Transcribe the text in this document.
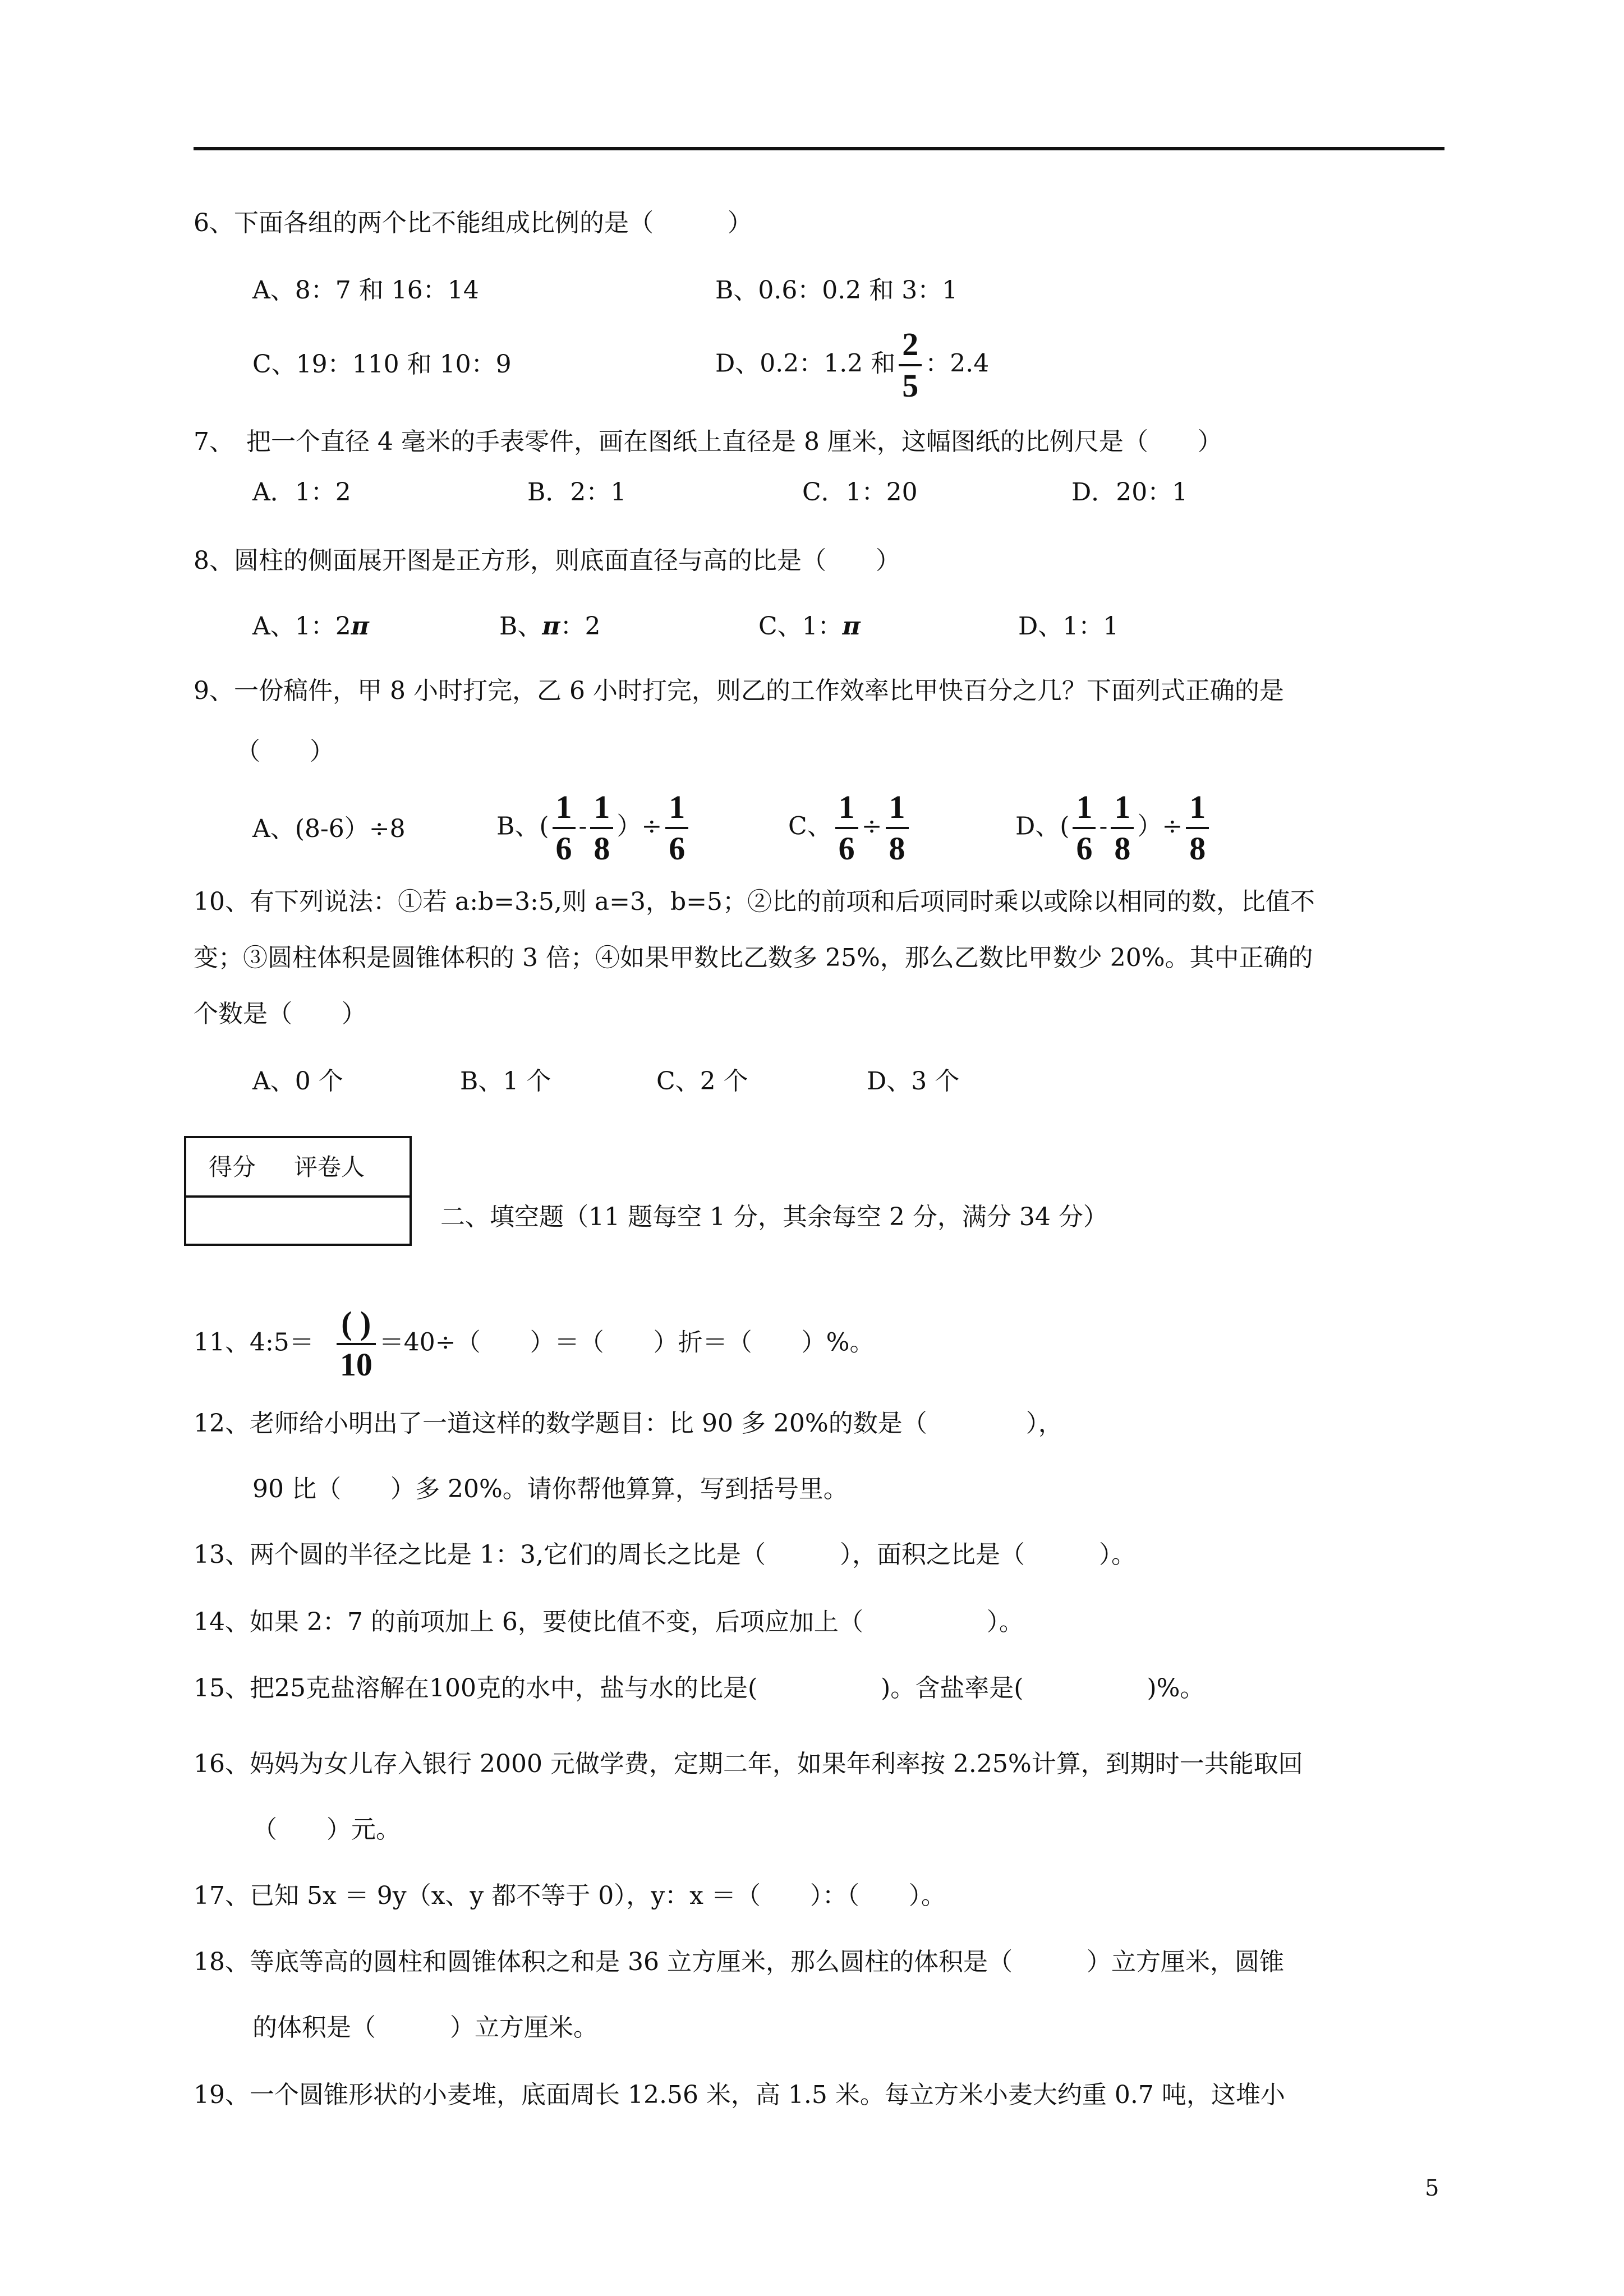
6、下面各组的两个比不能组成比例的是（　　　）
A、8：7 和 16：14	B、0.6：0.2 和 3：1
C、19：110 和 10：9	D、0.2：1.2 和 $\frac{2}{5}$ ：2.4
7、　把一个直径 4 毫米的手表零件，画在图纸上直径是 8 厘米，这幅图纸的比例尺是（　　）
A．1：2	B．2：1	C．1：20	D．20：1
8、圆柱的侧面展开图是正方形，则底面直径与高的比是（　　）
A、1：2π	B、π：2	C、1：π	D、1：1
9、一份稿件，甲 8 小时打完，乙 6 小时打完，则乙的工作效率比甲快百分之几？下面列式正确的是
（　　）
A、(8-6）÷8	B、( $\frac{1}{6} - \frac{1}{8}$ ）÷ $\frac{1}{6}$	C、 $\frac{1}{6} \div \frac{1}{8}$	D、( $\frac{1}{6} - \frac{1}{8}$ ）÷ $\frac{1}{8}$
10、有下列说法：①若 a:b=3:5,则 a=3，b=5；②比的前项和后项同时乘以或除以相同的数，比值不
变；③圆柱体积是圆锥体积的 3 倍；④如果甲数比乙数多 25%，那么乙数比甲数少 20%。其中正确的
个数是（　　）
A、0 个	B、1 个	C、2 个	D、3 个
得分 评卷人
二、填空题（11 题每空 1 分，其余每空 2 分，满分 34 分）
11、4:5＝ $\frac{( )}{10} =40\div$（　　）＝（　　）折＝（　　）%。
12、老师给小明出了一道这样的数学题目：比 90 多 20%的数是（　　　　），
90 比（　　）多 20%。请你帮他算算，写到括号里。
13、两个圆的半径之比是 1：3,它们的周长之比是（　　　），面积之比是（　　　）。
14、如果 2：7 的前项加上 6，要使比值不变，后项应加上（　　　　　）。
15、把25克盐溶解在100克的水中，盐与水的比是(　　　　　)。含盐率是(　　　　　)%。
16、妈妈为女儿存入银行 2000 元做学费，定期二年，如果年利率按 2.25%计算，到期时一共能取回
（　　）元。
17、已知 5x ＝ 9y（x、y 都不等于 0），y：x ＝（　　）：（　　）。
18、等底等高的圆柱和圆锥体积之和是 36 立方厘米，那么圆柱的体积是（　　　）立方厘米，圆锥
的体积是（　　　）立方厘米。
19、一个圆锥形状的小麦堆，底面周长 12.56 米，高 1.5 米。每立方米小麦大约重 0.7 吨，这堆小
5
